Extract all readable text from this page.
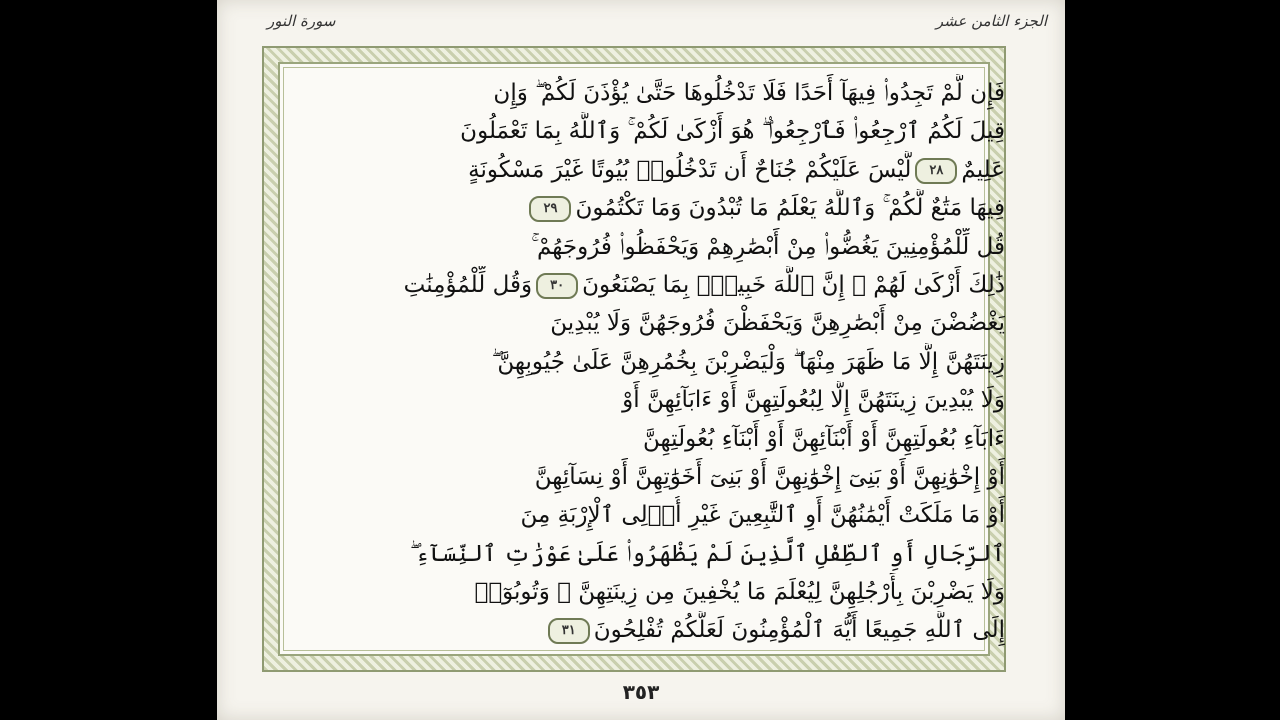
سورة النور	الجزء الثامن عشر
فَإِن لَّمْ تَجِدُوا۟ فِيهَآ أَحَدًا فَلَا تَدْخُلُوهَا حَتَّىٰ يُؤْذَنَ لَكُمْ ۖ وَإِن
قِيلَ لَكُمُ ٱرْجِعُوا۟ فَٱرْجِعُوا۟ ۖ هُوَ أَزْكَىٰ لَكُمْ ۚ وَٱللَّهُ بِمَا تَعْمَلُونَ
عَلِيمٌ٢٨لَّيْسَ عَلَيْكُمْ جُنَاحٌ أَن تَدْخُلُوا۟ بُيُوتًا غَيْرَ مَسْكُونَةٍ
فِيهَا مَتَٰعٌ لَّكُمْ ۚ وَٱللَّهُ يَعْلَمُ مَا تُبْدُونَ وَمَا تَكْتُمُونَ٢٩
قُل لِّلْمُؤْمِنِينَ يَغُضُّوا۟ مِنْ أَبْصَٰرِهِمْ وَيَحْفَظُوا۟ فُرُوجَهُمْ ۚ
ذَٰلِكَ أَزْكَىٰ لَهُمْ ۗ إِنَّ ٱللَّهَ خَبِيرٌۢ بِمَا يَصْنَعُونَ٣٠وَقُل لِّلْمُؤْمِنَٰتِ
يَغْضُضْنَ مِنْ أَبْصَٰرِهِنَّ وَيَحْفَظْنَ فُرُوجَهُنَّ وَلَا يُبْدِينَ
زِينَتَهُنَّ إِلَّا مَا ظَهَرَ مِنْهَا ۖ وَلْيَضْرِبْنَ بِخُمُرِهِنَّ عَلَىٰ جُيُوبِهِنَّ ۖ
وَلَا يُبْدِينَ زِينَتَهُنَّ إِلَّا لِبُعُولَتِهِنَّ أَوْ ءَابَآئِهِنَّ أَوْ
ءَابَآءِ بُعُولَتِهِنَّ أَوْ أَبْنَآئِهِنَّ أَوْ أَبْنَآءِ بُعُولَتِهِنَّ
أَوْ إِخْوَٰنِهِنَّ أَوْ بَنِىٓ إِخْوَٰنِهِنَّ أَوْ بَنِىٓ أَخَوَٰتِهِنَّ أَوْ نِسَآئِهِنَّ
أَوْ مَا مَلَكَتْ أَيْمَٰنُهُنَّ أَوِ ٱلتَّٰبِعِينَ غَيْرِ أُو۟لِى ٱلْإِرْبَةِ مِنَ
ٱلرِّجَالِ أَوِ ٱلطِّفْلِ ٱلَّذِينَ لَمْ يَظْهَرُوا۟ عَلَىٰ عَوْرَٰتِ ٱلنِّسَآءِ ۖ
وَلَا يَضْرِبْنَ بِأَرْجُلِهِنَّ لِيُعْلَمَ مَا يُخْفِينَ مِن زِينَتِهِنَّ ۚ وَتُوبُوٓا۟
إِلَى ٱللَّهِ جَمِيعًا أَيُّهَ ٱلْمُؤْمِنُونَ لَعَلَّكُمْ تُفْلِحُونَ٣١
٣٥٣
